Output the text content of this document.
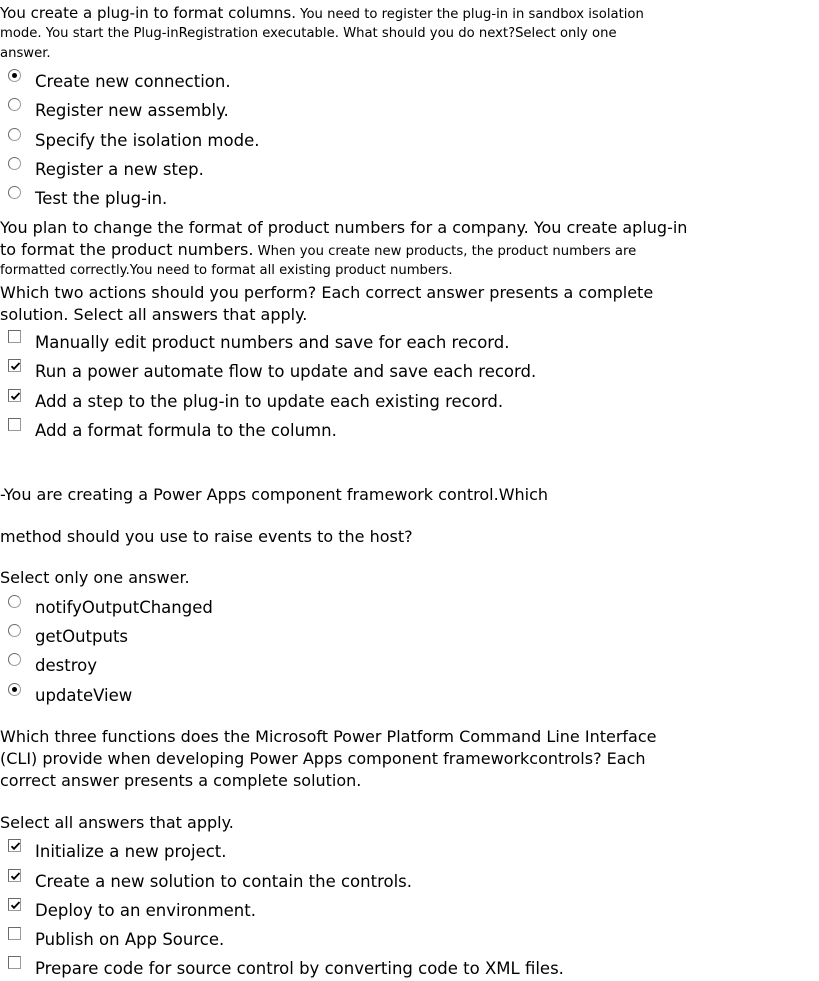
You create a plug-in to format columns. You need to register the plug-in in sandbox isolation
mode. You start the Plug-inRegistration executable. What should you do next?Select only one
answer.
Create new connection.
Register new assembly.
Specify the isolation mode.
Register a new step.
Test the plug-in.
You plan to change the format of product numbers for a company. You create aplug-in
to format the product numbers. When you create new products, the product numbers are
formatted correctly.You need to format all existing product numbers.
Which two actions should you perform? Each correct answer presents a complete
solution. Select all answers that apply.
Manually edit product numbers and save for each record.
Run a power automate flow to update and save each record.
Add a step to the plug-in to update each existing record.
Add a format formula to the column.
-You are creating a Power Apps component framework control.Which
method should you use to raise events to the host?
Select only one answer.
notifyOutputChanged
getOutputs
destroy
updateView
Which three functions does the Microsoft Power Platform Command Line Interface
(CLI) provide when developing Power Apps component frameworkcontrols? Each
correct answer presents a complete solution.
Select all answers that apply.
Initialize a new project.
Create a new solution to contain the controls.
Deploy to an environment.
Publish on App Source.
Prepare code for source control by converting code to XML files.
